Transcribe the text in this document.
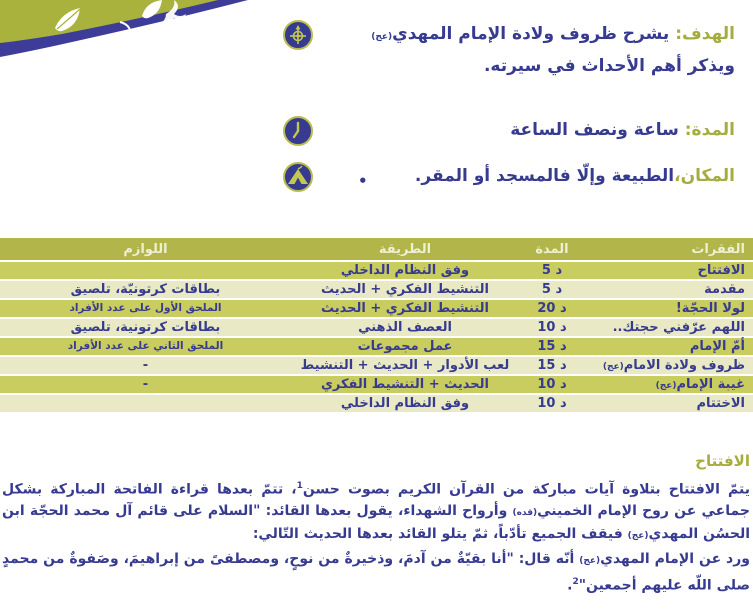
الهدف: يشرح ظروف ولادة الإمام المهدي(عج) ويذكر أهم الأحداث في سيرته.
المدة: ساعة ونصف الساعة
المكان،الطبيعة وإلّا فالمسجد أو المقر.
•
الفقرات	المدة	الطريقة	اللوازم
الافتتاح	5 د	وفق النظام الداخلي	
مقدمة	5 د	التنشيط الفكري + الحديث	بطاقات كرتونيّة، تلصيق
لولا الحجّة!	20 د	التنشيط الفكري + الحديث	الملحق الأول على عدد الأفراد
اللهم عرّفني حجتك..	10 د	العصف الذهني	بطاقات كرتونية، تلصيق
أمّ الإمام	15 د	عمل مجموعات	الملحق الثاني على عدد الأفراد
ظروف ولادة الامام(عج)	15 د	لعب الأدوار + الحديث + التنشيط	-
غيبة الإمام(عج)	10 د	الحديث + التنشيط الفكري	-
الاختتام	10 د	وفق النظام الداخلي	
الافتتاح

يتمّ الافتتاح بتلاوة آيات مباركة من القرآن الكريم بصوت حسن$^1$، تتمّ بعدها قراءة الفاتحة المباركة بشكل جماعي عن روح الإمام الخميني(قده) وأرواح الشهداء، يقول بعدها القائد: "السلام على قائم آل محمد الحجّة ابن الحسُن المهدي(عج) فيقف الجميع تأدّباً، ثمّ يتلو القائد بعدها الحديث التّالي:

ورد عن الإمام المهدي(عج) أنّه قال: "أنا بقيّةٌ من آدمَ، وذخيرةٌ من نوحٍ، ومصطفىً من إبراهيمَ، وصَفوةٌ من محمدٍ صلى اللّه عليهم أجمعين"$^2$.
